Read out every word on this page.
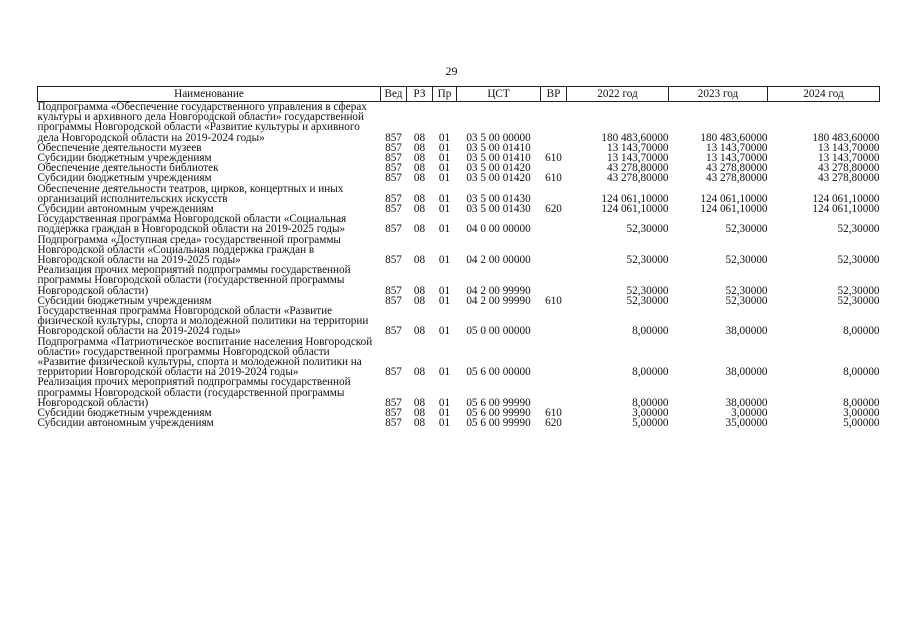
29
Наименование	Вед	РЗ	Пр	ЦСТ	ВР	2022 год	2023 год	2024 год
Подпрограмма «Обеспечение государственного управления в сферах культуры и архивного дела Новгородской области» государственной программы Новгородской области «Развитие культуры и архивного дела Новгородской области на 2019-2024 годы»	857	08	01	03 5 00 00000		180 483,60000	180 483,60000	180 483,60000
Обеспечение деятельности музеев	857	08	01	03 5 00 01410		13 143,70000	13 143,70000	13 143,70000
Субсидии бюджетным учреждениям	857	08	01	03 5 00 01410	610	13 143,70000	13 143,70000	13 143,70000
Обеспечение деятельности библиотек	857	08	01	03 5 00 01420		43 278,80000	43 278,80000	43 278,80000
Субсидии бюджетным учреждениям	857	08	01	03 5 00 01420	610	43 278,80000	43 278,80000	43 278,80000
Обеспечение деятельности театров, цирков, концертных и иных организаций исполнительских искусств	857	08	01	03 5 00 01430		124 061,10000	124 061,10000	124 061,10000
Субсидии автономным учреждениям	857	08	01	03 5 00 01430	620	124 061,10000	124 061,10000	124 061,10000
Государственная программа Новгородской области «Социальная поддержка граждан в Новгородской области на 2019-2025 годы»	857	08	01	04 0 00 00000		52,30000	52,30000	52,30000
Подпрограмма «Доступная среда» государственной программы Новгородской области «Социальная поддержка граждан в Новгородской области на 2019-2025 годы»	857	08	01	04 2 00 00000		52,30000	52,30000	52,30000
Реализация прочих мероприятий подпрограммы государственной программы Новгородской области (государственной программы Новгородской области)	857	08	01	04 2 00 99990		52,30000	52,30000	52,30000
Субсидии бюджетным учреждениям	857	08	01	04 2 00 99990	610	52,30000	52,30000	52,30000
Государственная программа Новгородской области «Развитие физической культуры, спорта и молодежной политики на территории Новгородской области на 2019-2024 годы»	857	08	01	05 0 00 00000		8,00000	38,00000	8,00000
Подпрограмма «Патриотическое воспитание населения Новгородской области» государственной программы Новгородской области «Развитие физической культуры, спорта и молодежной политики на территории Новгородской области на 2019-2024 годы»	857	08	01	05 6 00 00000		8,00000	38,00000	8,00000
Реализация прочих мероприятий подпрограммы государственной программы Новгородской области (государственной программы Новгородской области)	857	08	01	05 6 00 99990		8,00000	38,00000	8,00000
Субсидии бюджетным учреждениям	857	08	01	05 6 00 99990	610	3,00000	3,00000	3,00000
Субсидии автономным учреждениям	857	08	01	05 6 00 99990	620	5,00000	35,00000	5,00000
